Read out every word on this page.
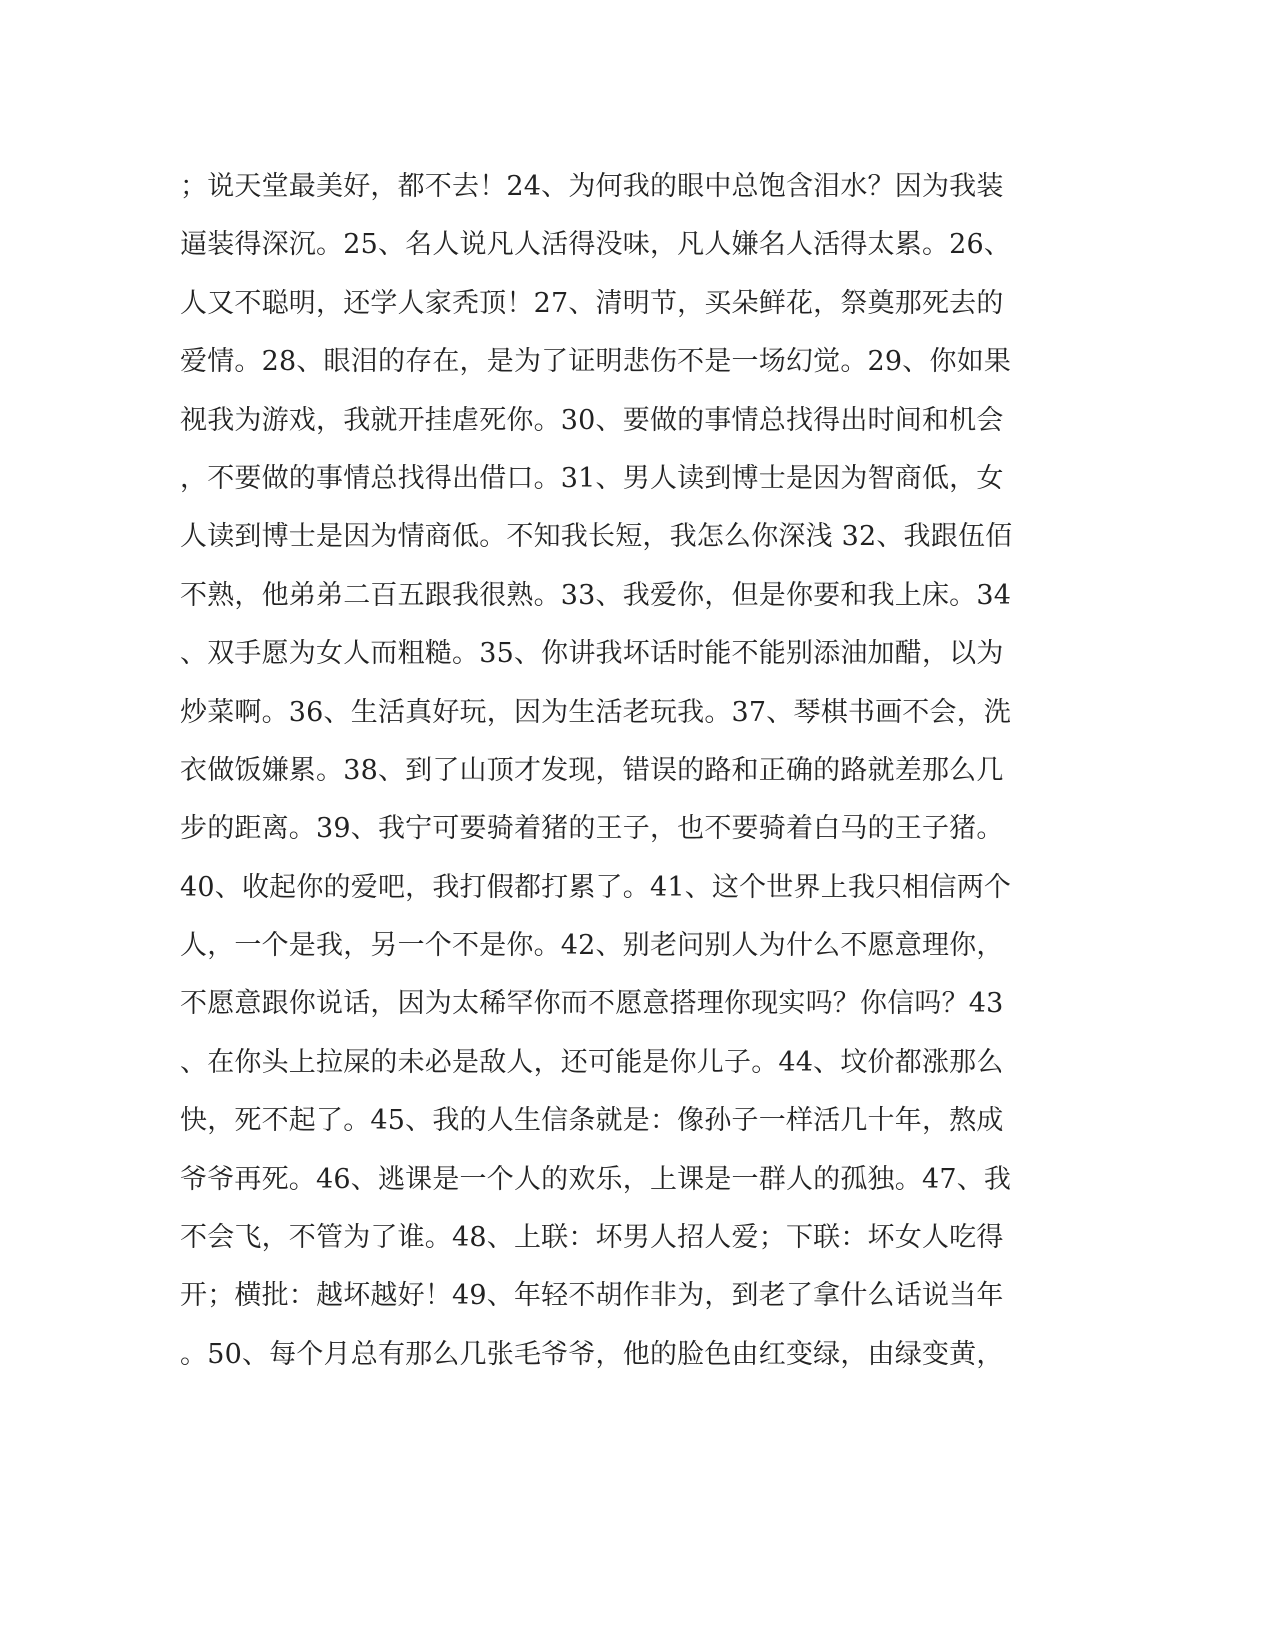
；说天堂最美好，都不去！24、为何我的眼中总饱含泪水？因为我装
逼装得深沉。25、名人说凡人活得没味，凡人嫌名人活得太累。26、
人又不聪明，还学人家秃顶！27、清明节，买朵鲜花，祭奠那死去的
爱情。28、眼泪的存在，是为了证明悲伤不是一场幻觉。29、你如果
视我为游戏，我就开挂虐死你。30、要做的事情总找得出时间和机会
，不要做的事情总找得出借口。31、男人读到博士是因为智商低，女
人读到博士是因为情商低。不知我长短，我怎么你深浅 32、我跟伍佰
不熟，他弟弟二百五跟我很熟。33、我爱你，但是你要和我上床。34
、双手愿为女人而粗糙。35、你讲我坏话时能不能别添油加醋，以为
炒菜啊。36、生活真好玩，因为生活老玩我。37、琴棋书画不会，洗
衣做饭嫌累。38、到了山顶才发现，错误的路和正确的路就差那么几
步的距离。39、我宁可要骑着猪的王子，也不要骑着白马的王子猪。
40、收起你的爱吧，我打假都打累了。41、这个世界上我只相信两个
人，一个是我，另一个不是你。42、别老问别人为什么不愿意理你，
不愿意跟你说话，因为太稀罕你而不愿意搭理你现实吗？你信吗？43
、在你头上拉屎的未必是敌人，还可能是你儿子。44、坟价都涨那么
快，死不起了。45、我的人生信条就是：像孙子一样活几十年，熬成
爷爷再死。46、逃课是一个人的欢乐，上课是一群人的孤独。47、我
不会飞，不管为了谁。48、上联：坏男人招人爱；下联：坏女人吃得
开；横批：越坏越好！49、年轻不胡作非为，到老了拿什么话说当年
。50、每个月总有那么几张毛爷爷，他的脸色由红变绿，由绿变黄，
